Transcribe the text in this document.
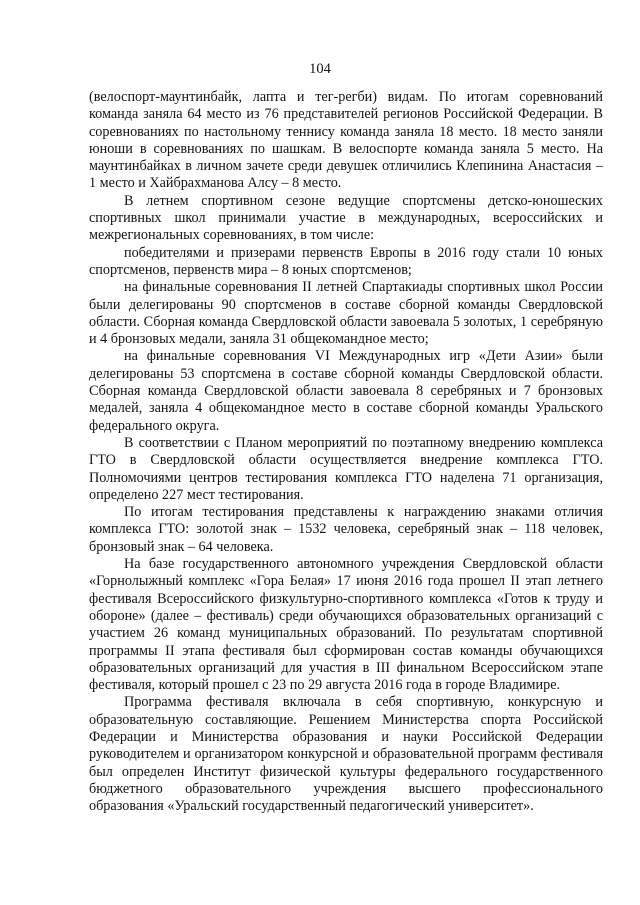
104

(велоспорт-маунтинбайк, лапта и тег-регби) видам. По итогам соревнований команда заняла 64 место из 76 представителей регионов Российской Федерации. В соревнованиях по настольному теннису команда заняла 18 место. 18 место заняли юноши в соревнованиях по шашкам. В велоспорте команда заняла 5 место. На маунтинбайках в личном зачете среди девушек отличились Клепинина Анастасия – 1 место и Хайбрахманова Алсу – 8 место.

В летнем спортивном сезоне ведущие спортсмены детско-юношеских спортивных школ принимали участие в международных, всероссийских и межрегиональных соревнованиях, в том числе:

победителями и призерами первенств Европы в 2016 году стали 10 юных спортсменов, первенств мира – 8 юных спортсменов;

на финальные соревнования II летней Спартакиады спортивных школ России были делегированы 90 спортсменов в составе сборной команды Свердловской области. Сборная команда Свердловской области завоевала 5 золотых, 1 серебряную и 4 бронзовых медали, заняла 31 общекомандное место;

на финальные соревнования VI Международных игр «Дети Азии» были делегированы 53 спортсмена в составе сборной команды Свердловской области. Сборная команда Свердловской области завоевала 8 серебряных и 7 бронзовых медалей, заняла 4 общекомандное место в составе сборной команды Уральского федерального округа.

В соответствии с Планом мероприятий по поэтапному внедрению комплекса ГТО в Свердловской области осуществляется внедрение комплекса ГТО. Полномочиями центров тестирования комплекса ГТО наделена 71 организация, определено 227 мест тестирования.

По итогам тестирования представлены к награждению знаками отличия комплекса ГТО: золотой знак – 1532 человека, серебряный знак – 118 человек, бронзовый знак – 64 человека.

На базе государственного автономного учреждения Свердловской области «Горнолыжный комплекс «Гора Белая» 17 июня 2016 года прошел II этап летнего фестиваля Всероссийского физкультурно-спортивного комплекса «Готов к труду и обороне» (далее – фестиваль) среди обучающихся образовательных организаций с участием 26 команд муниципальных образований. По результатам спортивной программы II этапа фестиваля был сформирован состав команды обучающихся образовательных организаций для участия в III финальном Всероссийском этапе фестиваля, который прошел с 23 по 29 августа 2016 года в городе Владимире.

Программа фестиваля включала в себя спортивную, конкурсную и образовательную составляющие. Решением Министерства спорта Российской Федерации и Министерства образования и науки Российской Федерации руководителем и организатором конкурсной и образовательной программ фестиваля был определен Институт физической культуры федерального государственного бюджетного образовательного учреждения высшего профессионального образования «Уральский государственный педагогический университет».
